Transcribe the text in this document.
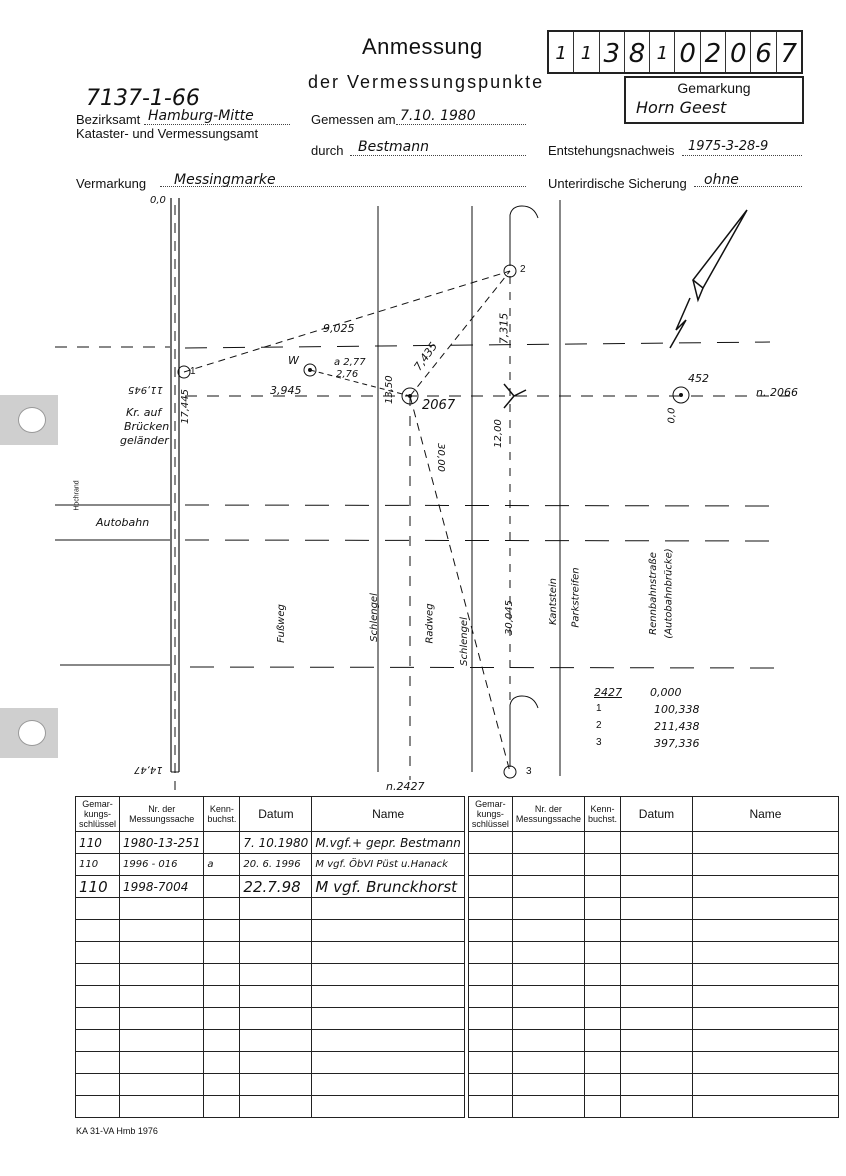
Anmessung
der Vermessungspunkte
1 1 3 8 1 0 2 0 6 7
Gemarkung
Horn Geest
7137-1-66
Bezirksamt Hamburg-Mitte
Kataster- und Vermessungsamt
Gemessen am 7.10. 1980
durch Bestmann	Entstehungsnachweis 1975-3-28-9
Vermarkung Messingmarke	Unterirdische Sicherung ohne
0,0
1
9,025
W	a 2,77
2,76
3,945
7,435
7,315
2
2067
452
n. 2066
13,50
12,00
0,0
30,00
30,045
17,445
11,945
14,47
Kr. auf
Brücken
geländer
Hochrand
Autobahn
Fußweg	Schlengel	Radweg Schlengel
Kantstein Parkstreifen	Rennbahnstraße (Autobahnbrücke)
2427	0,000
1	100,338
2	211,438
3	397,336
3
n.2427
Gemar-kungs-schlüssel	Nr. der Messungssache	Kenn-buchst.	Datum	Name		Gemar-kungs-schlüssel	Nr. der Messungssache	Kenn-buchst.	Datum	Name
110	1980-13-251		7. 10.1980	M.vgf.+ gepr. Bestmann						
110	1996 - 016	a	20. 6. 1996	M vgf. ÖbVI Püst u.Hanack						
110	1998-7004		22.7.98	M vgf. Brunckhorst						

KA 31-VA Hmb 1976
